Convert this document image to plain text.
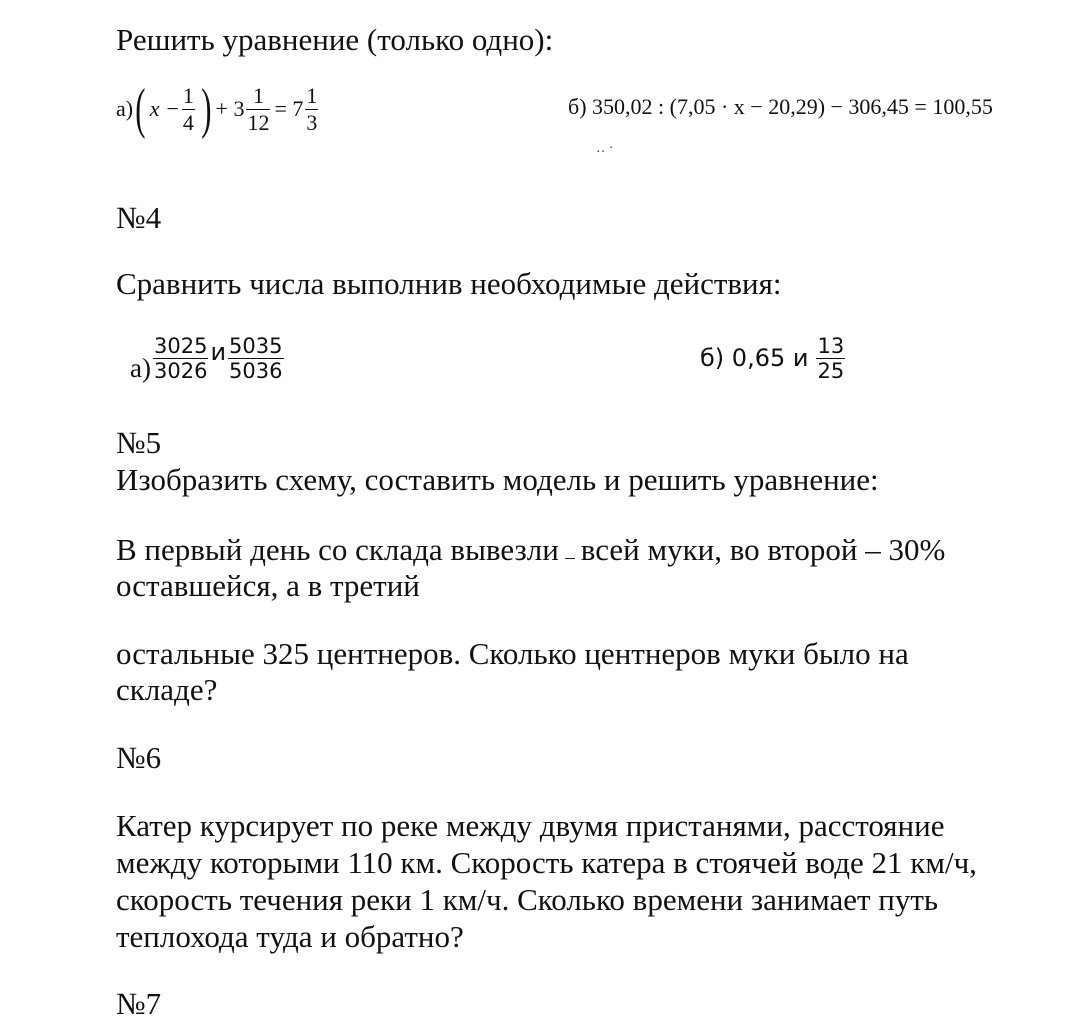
Решить уравнение (только одно):
а) ( $x - \frac{1}{4}$ ) + $3 \frac{1}{12} = 7 \frac{1}{3}$	б) 350,02 : (7,05 · x − 20,29) − 306,45 = 100,55
‥ ·
№4
Сравнить числа выполнив необходимые действия:
$а) \frac{3025}{3026}$ и $\frac{5035}{5036}$	б) 0,65 и $\frac{13}{25}$
№5
Изобразить схему, составить модель и решить уравнение:
В первый день со склада вывезли всей муки, во второй – 30%
оставшейся, а в третий
остальные 325 центнеров. Сколько центнеров муки было на
складе?
№6
Катер курсирует по реке между двумя пристанями, расстояние
между которыми 110 км. Скорость катера в стоячей воде 21 км/ч,
скорость течения реки 1 км/ч. Сколько времени занимает путь
теплохода туда и обратно?
№7
